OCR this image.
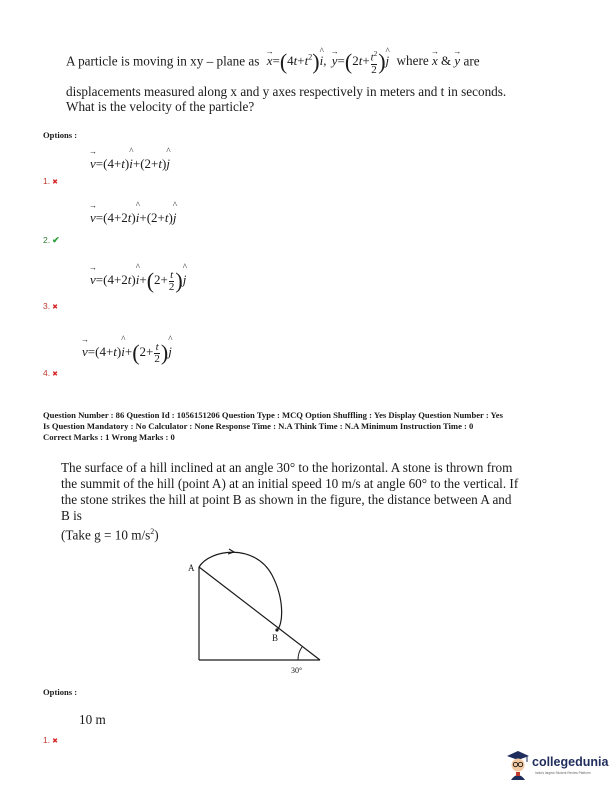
A particle is moving in xy – plane as → $x=(4t+t^2)\^{}$ i, → $y=(2t+ \frac{t^2}{2}$ )^ j where → x & → y are
displacements measured along x and y axes respectively in meters and t in seconds.
What is the velocity of the particle?
Options :
→ v=(4+t)^ i+(2+t)^ j
1. ✖
→ v=(4+2t)^ i+(2+t)^ j
2. ✔
→ v=(4+2t)^ $i+(2+ \frac{t}{2}$ )^ j
3. ✖
→ v=(4+t)^ $i+(2+ \frac{t}{2}$ )^ j
4. ✖
Question Number : 86 Question Id : 1056151206 Question Type : MCQ Option Shuffling : Yes Display Question Number : Yes
Is Question Mandatory : No Calculator : None Response Time : N.A Think Time : N.A Minimum Instruction Time : 0
Correct Marks : 1 Wrong Marks : 0
The surface of a hill inclined at an angle 30° to the horizontal. A stone is thrown from
the summit of the hill (point A) at an initial speed 10 m/s at angle 60° to the vertical. If
the stone strikes the hill at point B as shown in the figure, the distance between A and
B is
(Take g = 10 $m/s^2$)
A
B
30°
Options :
10 m
1. ✖
collegedunia
India's largest Student Review Platform
